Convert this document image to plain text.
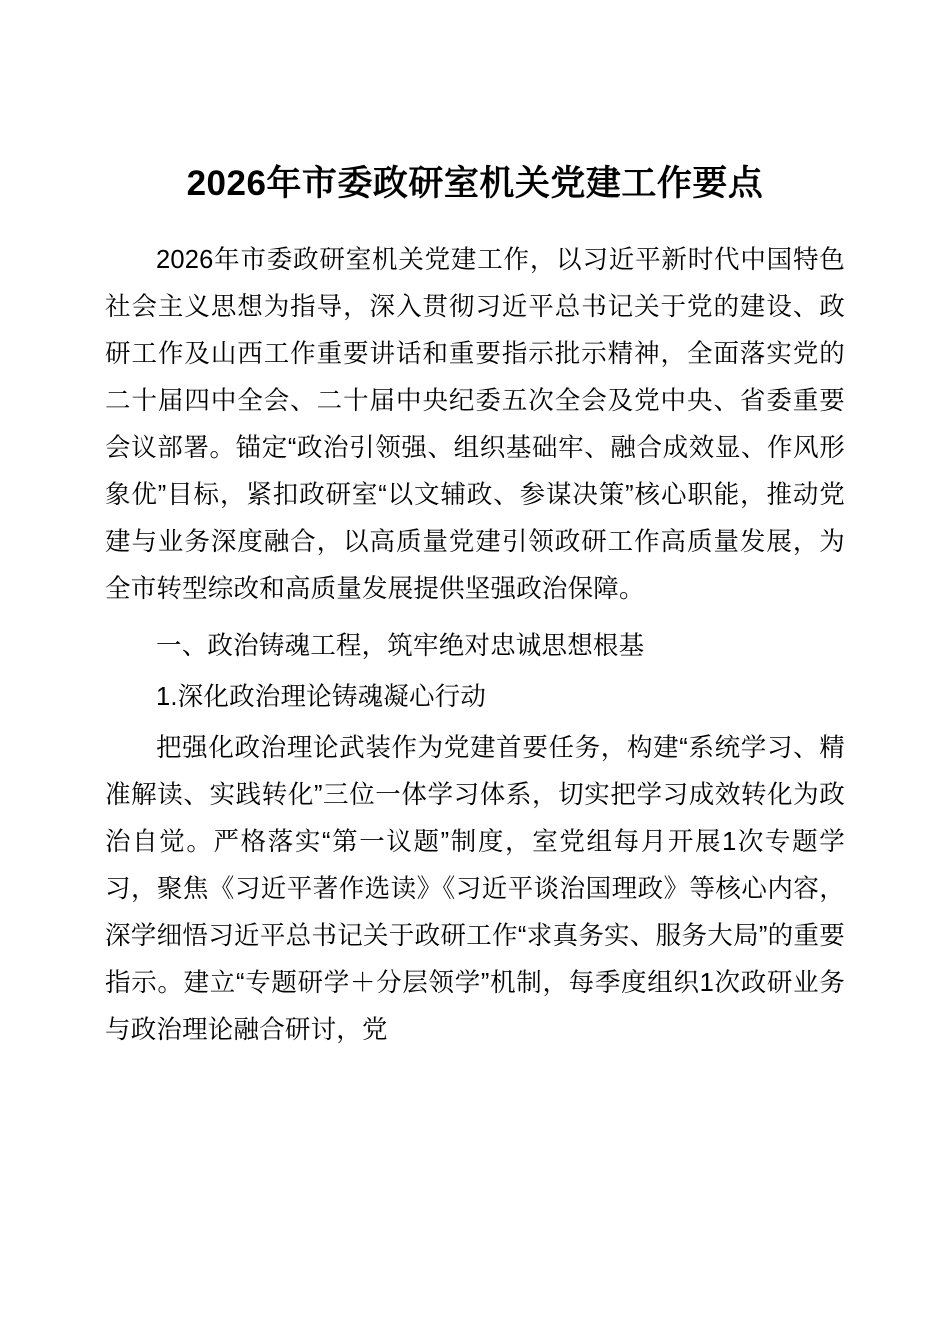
2026年市委政研室机关党建工作要点

2026年市委政研室机关党建工作，以习近平新时代中国特色社会主义思想为指导，深入贯彻习近平总书记关于党的建设、政研工作及山西工作重要讲话和重要指示批示精神，全面落实党的二十届四中全会、二十届中央纪委五次全会及党中央、省委重要会议部署。锚定“政治引领强、组织基础牢、融合成效显、作风形象优”目标，紧扣政研室“以文辅政、参谋决策”核心职能，推动党建与业务深度融合，以高质量党建引领政研工作高质量发展，为全市转型综改和高质量发展提供坚强政治保障。

一、政治铸魂工程，筑牢绝对忠诚思想根基

1.深化政治理论铸魂凝心行动

把强化政治理论武装作为党建首要任务，构建“系统学习、精准解读、实践转化”三位一体学习体系，切实把学习成效转化为政治自觉。严格落实“第一议题”制度，室党组每月开展1次专题学习，聚焦《习近平著作选读》《习近平谈治国理政》等核心内容，深学细悟习近平总书记关于政研工作“求真务实、服务大局”的重要指示。建立“专题研学＋分层领学”机制，每季度组织1次政研业务与政治理论融合研讨，党
